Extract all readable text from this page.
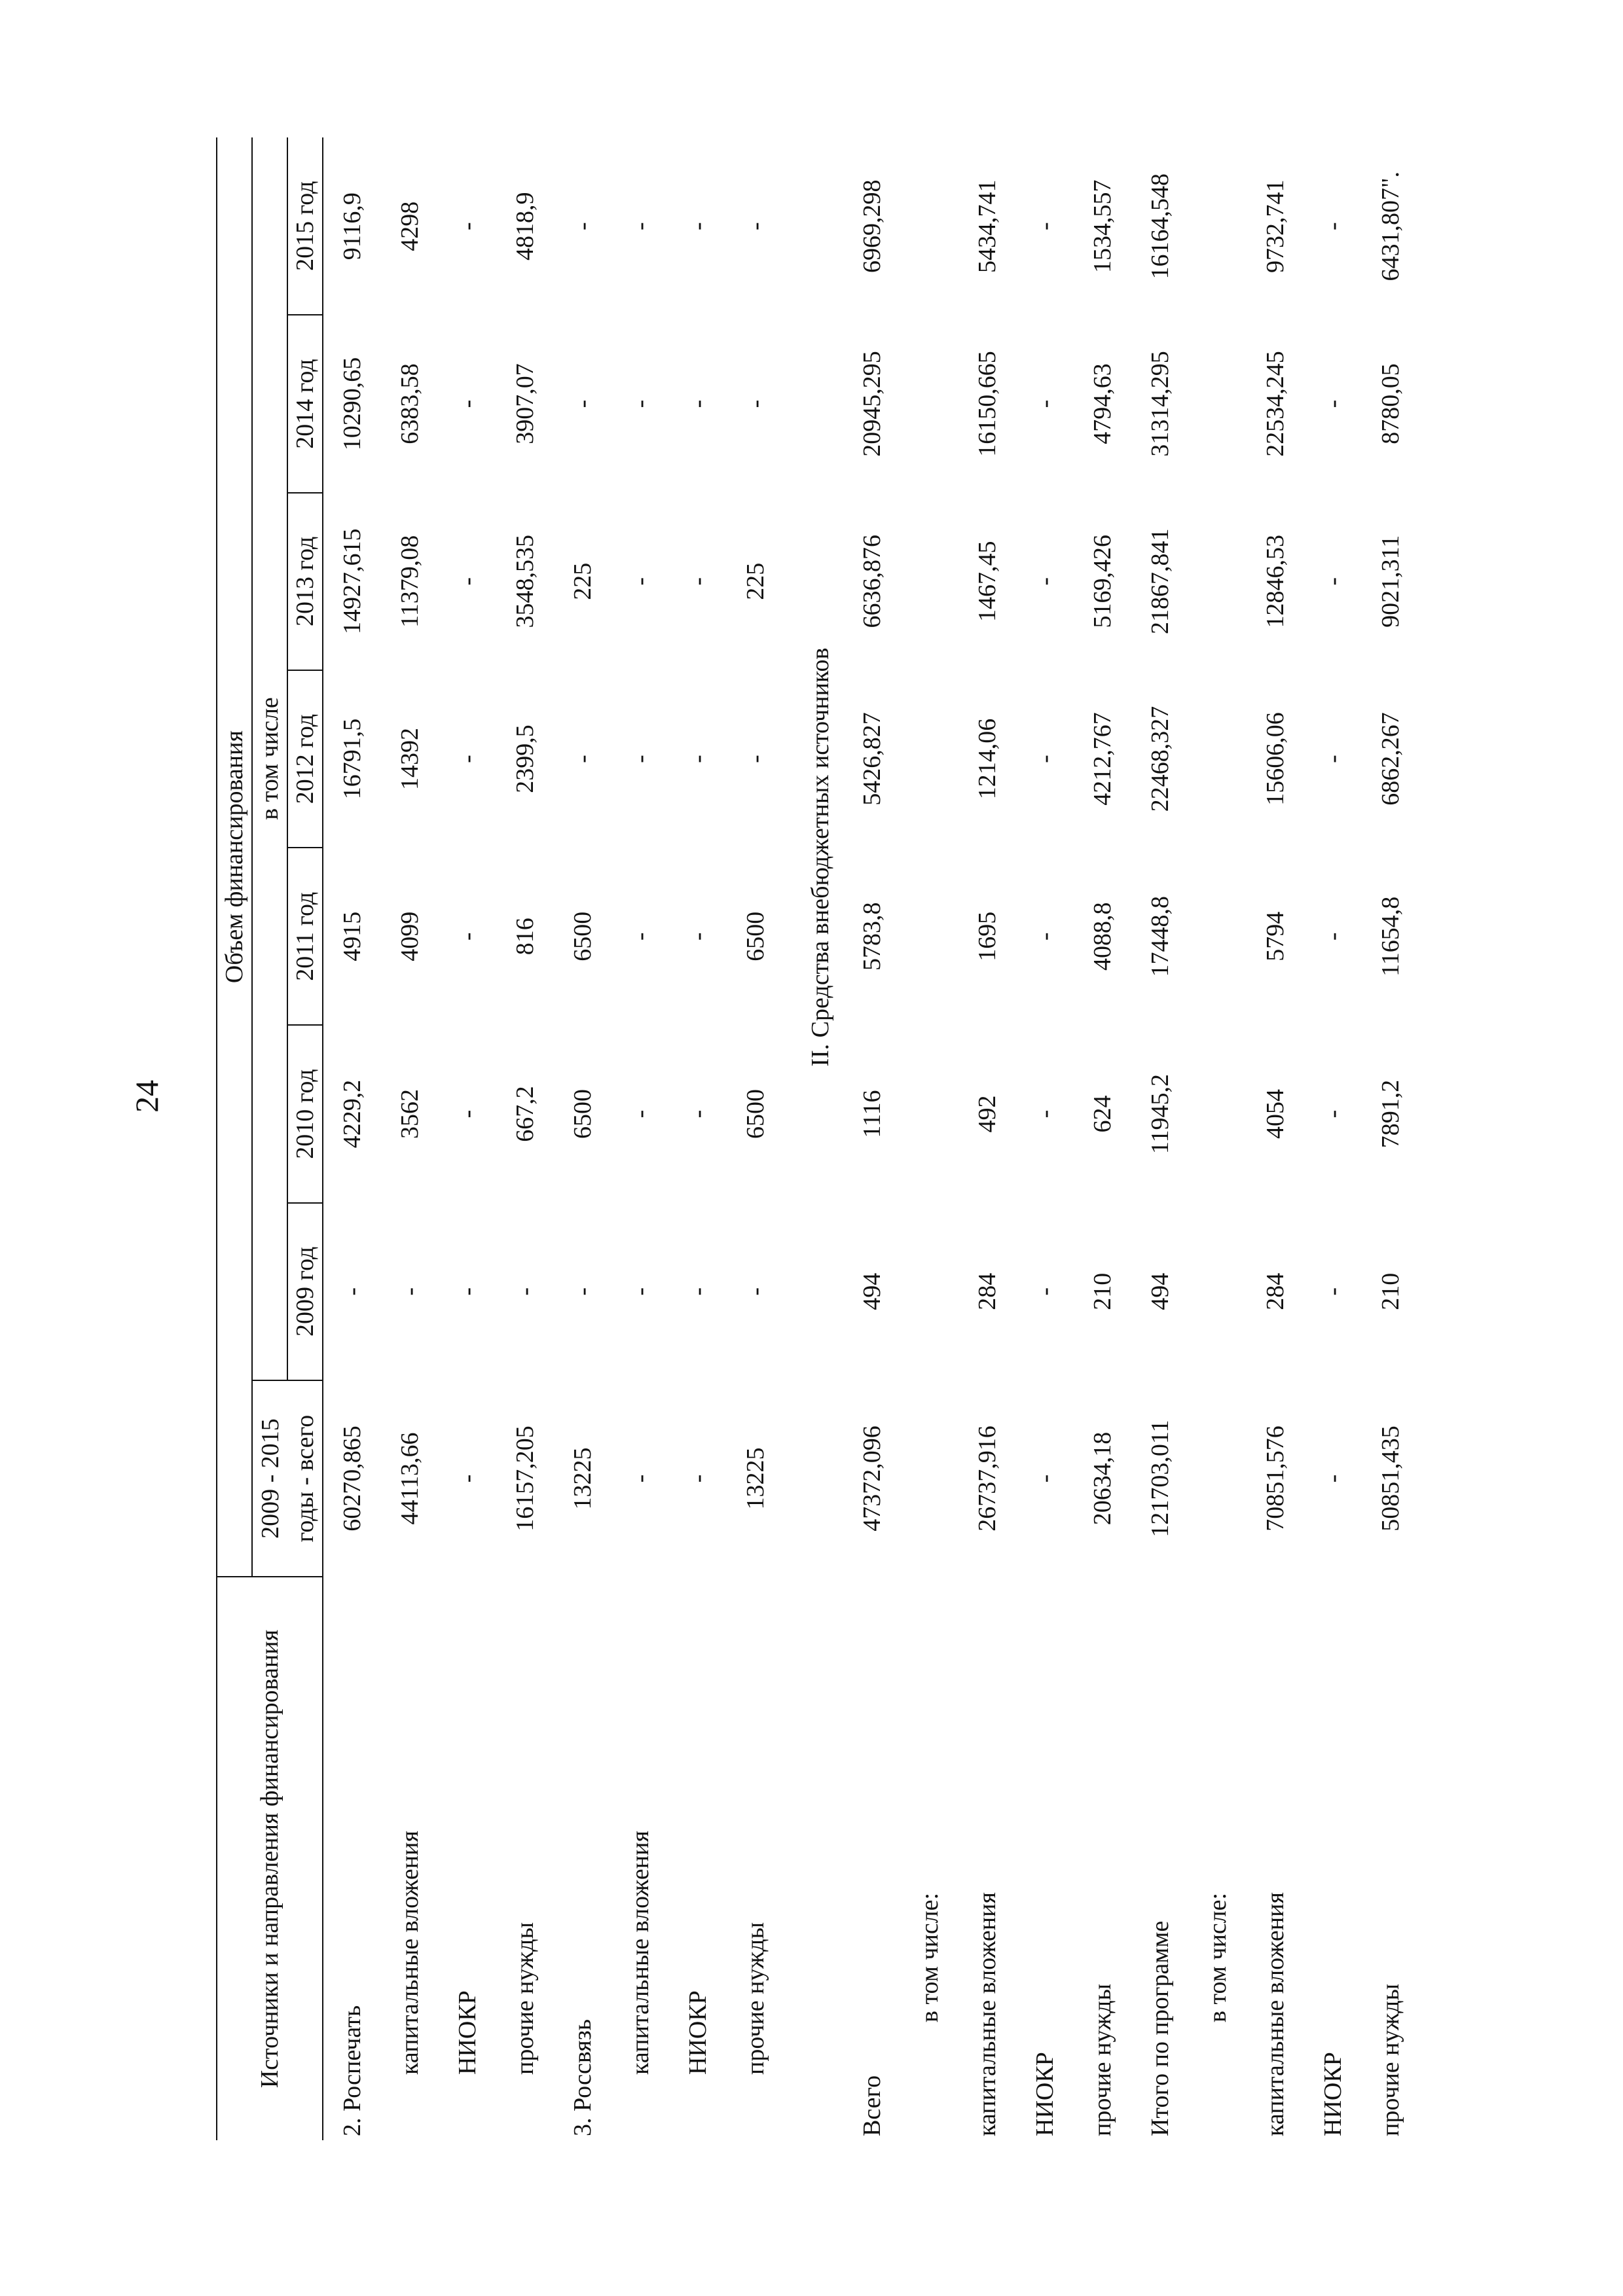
24
Источники и направления финансирования	Объем финансирования							
	2009 - 2015	в том числе						
	годы - всего	2009 год	2010 год	2011 год	2012 год	2013 год	2014 год	2015 год
2. Роспечать	60270,865	-	4229,2	4915	16791,5	14927,615	10290,65	9116,9
капитальные вложения	44113,66	-	3562	4099	14392	11379,08	6383,58	4298
НИОКР	-	-	-	-	-	-	-	-
прочие нужды	16157,205	-	667,2	816	2399,5	3548,535	3907,07	4818,9
3. Россвязь	13225	-	6500	6500	-	225	-	-
капитальные вложения	-	-	-	-	-	-	-	-
НИОКР	-	-	-	-	-	-	-	-
прочие нужды	13225	-	6500	6500	-	225	-	-
	II. Средства внебюджетных источников							
Всего	47372,096	494	1116	5783,8	5426,827	6636,876	20945,295	6969,298
в том числе:								
капитальные вложения	26737,916	284	492	1695	1214,06	1467,45	16150,665	5434,741
НИОКР	-	-	-	-	-	-	-	-
прочие нужды	20634,18	210	624	4088,8	4212,767	5169,426	4794,63	1534,557
Итого по программе	121703,011	494	11945,2	17448,8	22468,327	21867,841	31314,295	16164,548
в том числе:								
капитальные вложения	70851,576	284	4054	5794	15606,06	12846,53	22534,245	9732,741
НИОКР	-	-	-	-	-	-	-	-
прочие нужды	50851,435	210	7891,2	11654,8	6862,267	9021,311	8780,05	6431,807".
